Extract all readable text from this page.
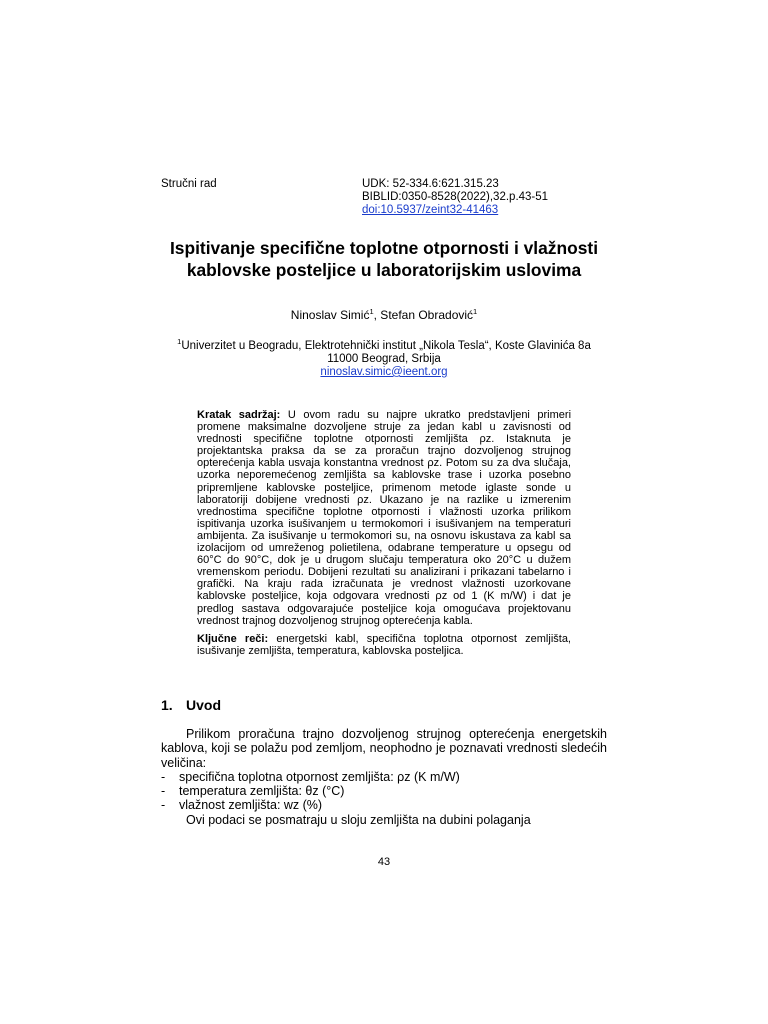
Stručni rad	UDK: 52-334.6:621.315.23
BIBLID:0350-8528(2022),32.p.43-51
doi:10.5937/zeint32-41463
Ispitivanje specifične toplotne otpornosti i vlažnosti
kablovske posteljice u laboratorijskim uslovima
Ninoslav Simić$^1$, Stefan Obradović$^1$
$^1$Univerzitet u Beogradu, Elektrotehnički institut „Nikola Tesla“, Koste Glavinića 8a
11000 Beograd, Srbija
ninoslav.simic@ieent.org

Kratak sadržaj: U ovom radu su najpre ukratko predstavljeni primeri promene maksimalne dozvoljene struje za jedan kabl u zavisnosti od vrednosti specifične toplotne otpornosti zemljišta ρz. Istaknuta je projektantska praksa da se za proračun trajno dozvoljenog strujnog opterećenja kabla usvaja konstantna vrednost ρz. Potom su za dva slučaja, uzorka neporemećenog zemljišta sa kablovske trase i uzorka posebno pripremljene kablovske posteljice, primenom metode iglaste sonde u laboratoriji dobijene vrednosti ρz. Ukazano je na razlike u izmerenim vrednostima specifične toplotne otpornosti i vlažnosti uzorka prilikom ispitivanja uzorka isušivanjem u termokomori i isušivanjem na temperaturi ambijenta. Za isušivanje u termokomori su, na osnovu iskustava za kabl sa izolacijom od umreženog polietilena, odabrane temperature u opsegu od 60°C do 90°C, dok je u drugom slučaju temperatura oko 20°C u dužem vremenskom periodu. Dobijeni rezultati su analizirani i prikazani tabelarno i grafički. Na kraju rada izračunata je vrednost vlažnosti uzorkovane kablovske posteljice, koja odgovara vrednosti ρz od 1 (K m/W) i dat je predlog sastava odgovarajuće posteljice koja omogućava projektovanu vrednost trajnog dozvoljenog strujnog opterećenja kabla.

Ključne reči: energetski kabl, specifična toplotna otpornost zemljišta, isušivanje zemljišta, temperatura, kablovska posteljica.

1. Uvod

Prilikom proračuna trajno dozvoljenog strujnog opterećenja energetskih kablova, koji se polažu pod zemljom, neophodno je poznavati vrednosti sledećih veličina:

- specifična toplotna otpornost zemljišta: ρz (K m/W)
- temperatura zemljišta: θz (°C)
- vlažnost zemljišta: wz (%)

Ovi podaci se posmatraju u sloju zemljišta na dubini polaganja

43
